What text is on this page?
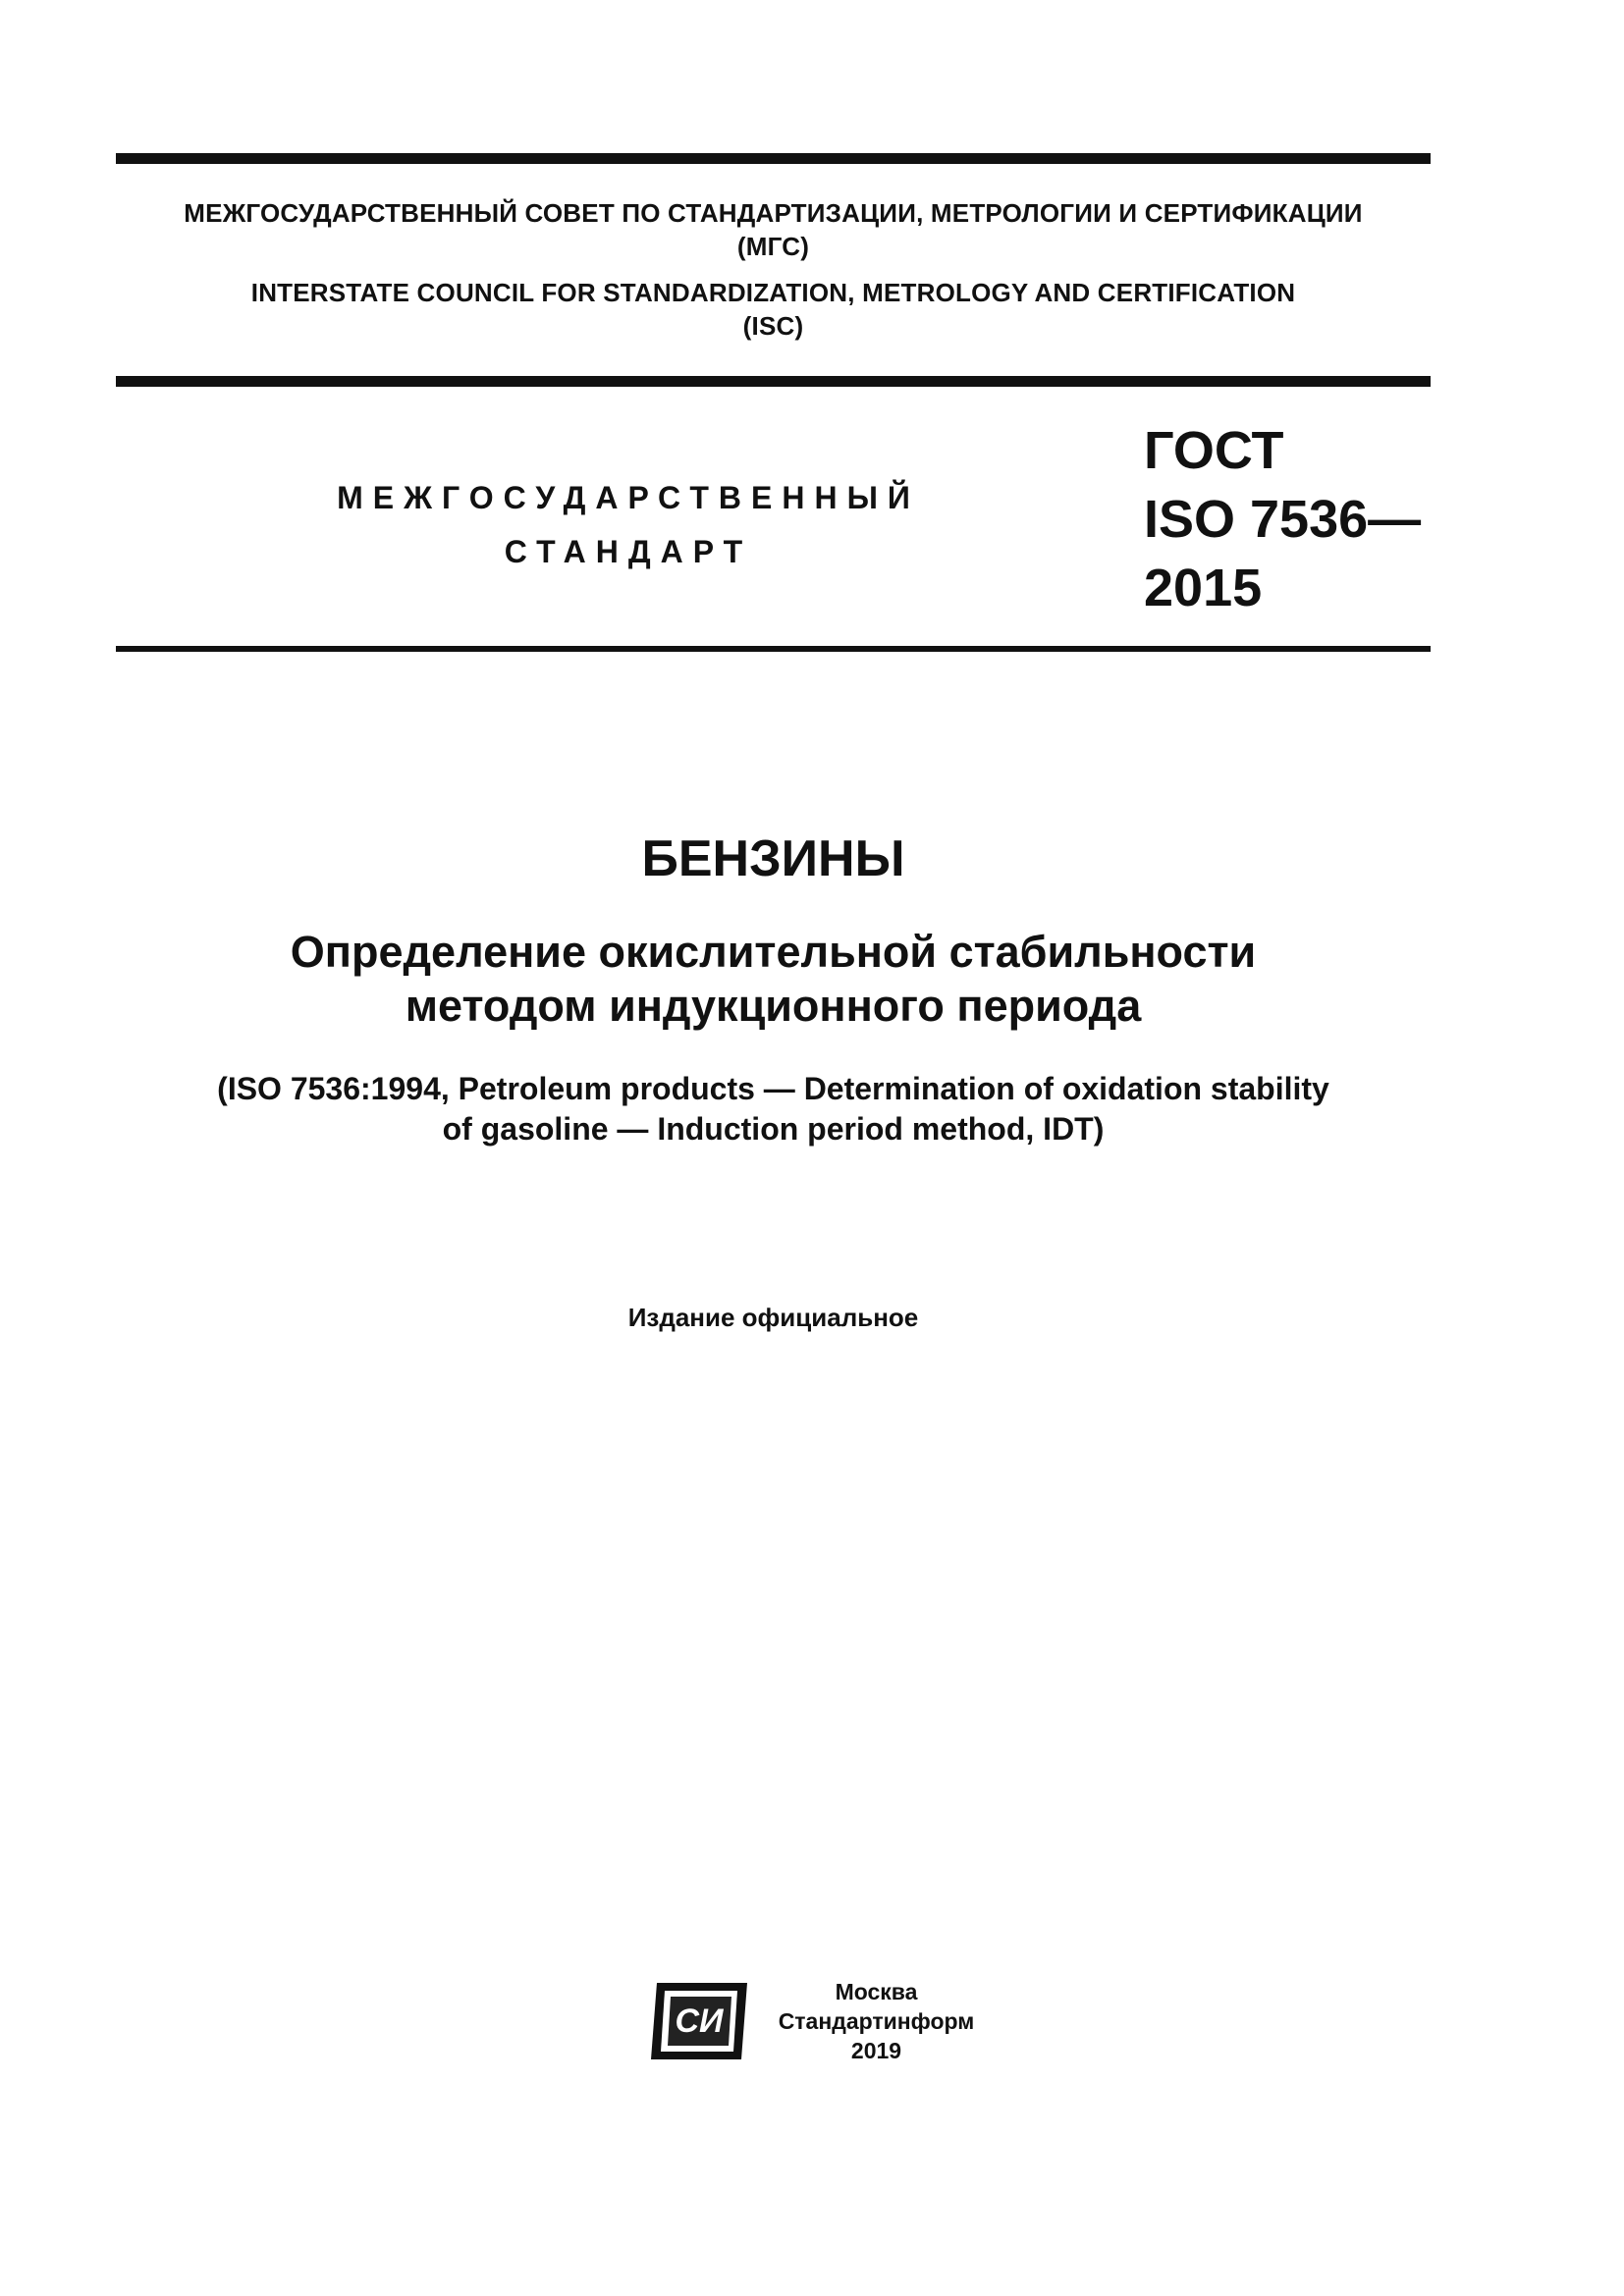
МЕЖГОСУДАРСТВЕННЫЙ СОВЕТ ПО СТАНДАРТИЗАЦИИ, МЕТРОЛОГИИ И СЕРТИФИКАЦИИ
(МГС)
INTERSTATE COUNCIL FOR STANDARDIZATION, METROLOGY AND CERTIFICATION
(ISC)
МЕЖГОСУДАРСТВЕННЫЙ
СТАНДАРТ
ГОСТ
ISO 7536—
2015
БЕНЗИНЫ
Определение окислительной стабильности
методом индукционного периода
(ISO 7536:1994, Petroleum products — Determination of oxidation stability
of gasoline — Induction period method, IDT)
Издание официальное
СИ
Москва
Стандартинформ
2019
